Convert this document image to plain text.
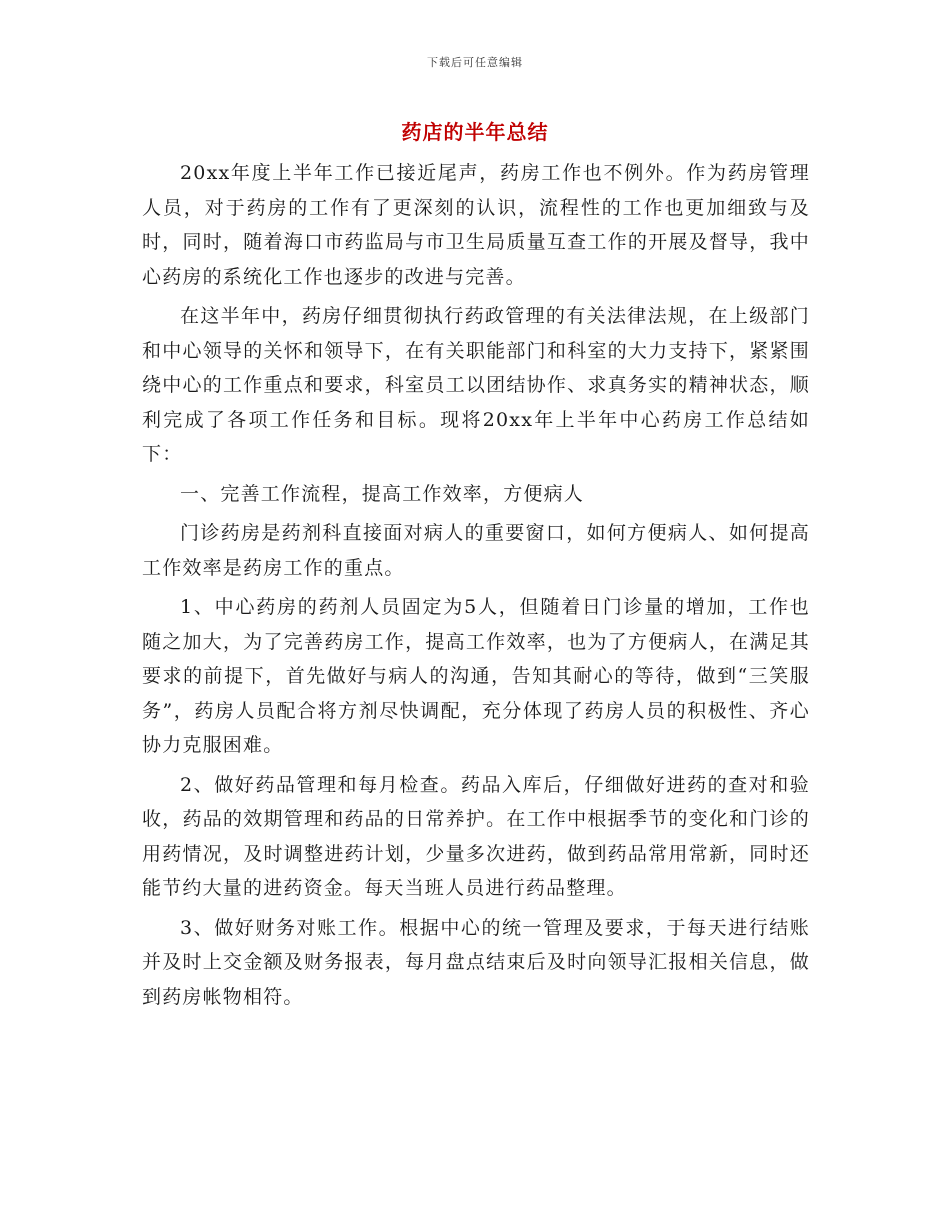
下载后可任意编辑
药店的半年总结

20xx年度上半年工作已接近尾声，药房工作也不例外。作为药房管理人员，对于药房的工作有了更深刻的认识，流程性的工作也更加细致与及时，同时，随着海口市药监局与市卫生局质量互查工作的开展及督导，我中心药房的系统化工作也逐步的改进与完善。

在这半年中，药房仔细贯彻执行药政管理的有关法律法规，在上级部门和中心领导的关怀和领导下，在有关职能部门和科室的大力支持下，紧紧围绕中心的工作重点和要求，科室员工以团结协作、求真务实的精神状态，顺利完成了各项工作任务和目标。现将20xx年上半年中心药房工作总结如下：

一、完善工作流程，提高工作效率，方便病人

门诊药房是药剂科直接面对病人的重要窗口，如何方便病人、如何提高工作效率是药房工作的重点。

1、中心药房的药剂人员固定为5人，但随着日门诊量的增加，工作也随之加大，为了完善药房工作，提高工作效率，也为了方便病人，在满足其要求的前提下，首先做好与病人的沟通，告知其耐心的等待，做到“三笑服务”，药房人员配合将方剂尽快调配，充分体现了药房人员的积极性、齐心协力克服困难。

2、做好药品管理和每月检查。药品入库后，仔细做好进药的查对和验收，药品的效期管理和药品的日常养护。在工作中根据季节的变化和门诊的用药情况，及时调整进药计划，少量多次进药，做到药品常用常新，同时还能节约大量的进药资金。每天当班人员进行药品整理。

3、做好财务对账工作。根据中心的统一管理及要求，于每天进行结账并及时上交金额及财务报表，每月盘点结束后及时向领导汇报相关信息，做到药房帐物相符。
